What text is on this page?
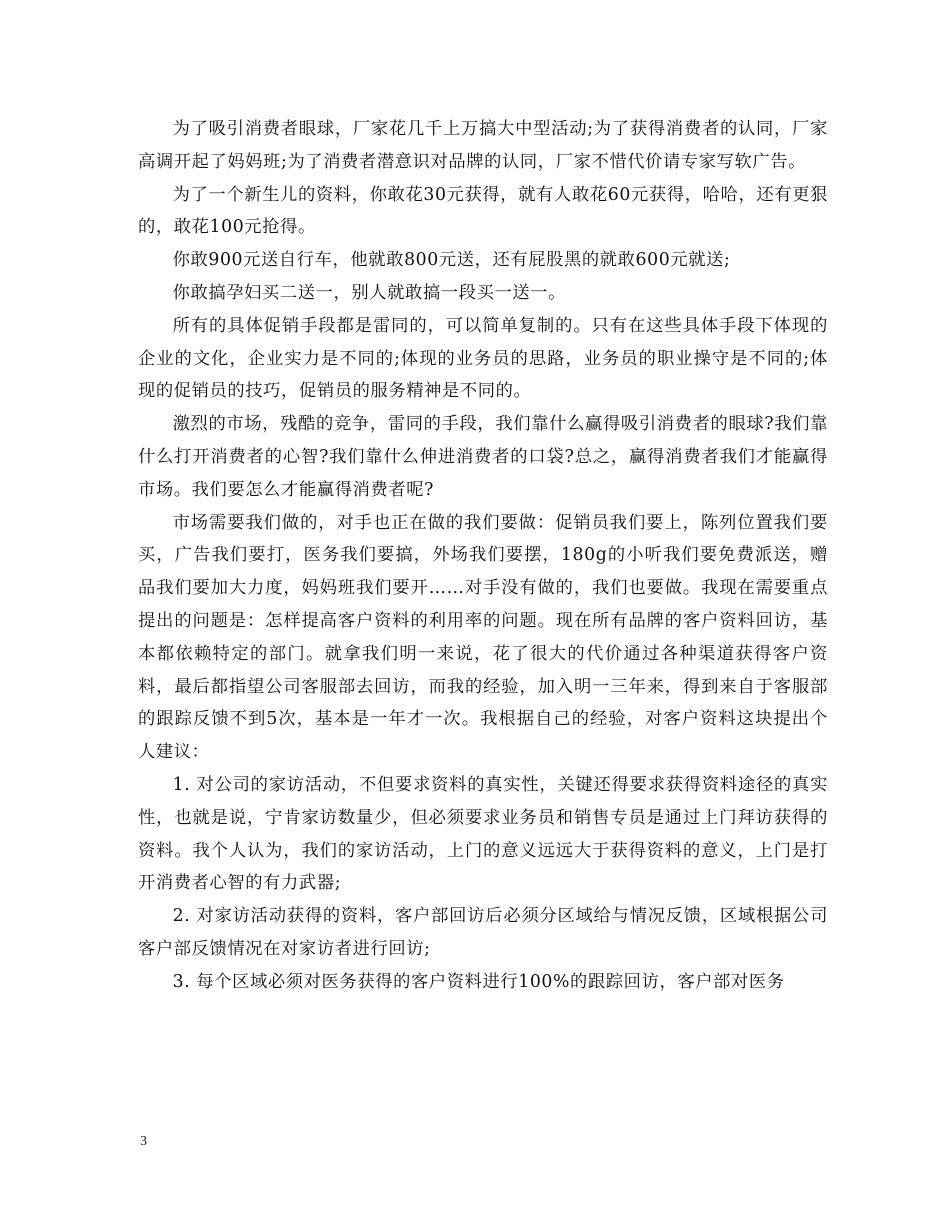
为了吸引消费者眼球，厂家花几千上万搞大中型活动;为了获得消费者的认同，厂家高调开起了妈妈班;为了消费者潜意识对品牌的认同，厂家不惜代价请专家写软广告。

为了一个新生儿的资料，你敢花30元获得，就有人敢花60元获得，哈哈，还有更狠的，敢花100元抢得。

你敢900元送自行车，他就敢800元送，还有屁股黑的就敢600元就送;

你敢搞孕妇买二送一，别人就敢搞一段买一送一。

所有的具体促销手段都是雷同的，可以简单复制的。只有在这些具体手段下体现的企业的文化，企业实力是不同的;体现的业务员的思路，业务员的职业操守是不同的;体现的促销员的技巧，促销员的服务精神是不同的。

激烈的市场，残酷的竞争，雷同的手段，我们靠什么赢得吸引消费者的眼球?我们靠什么打开消费者的心智?我们靠什么伸进消费者的口袋?总之，赢得消费者我们才能赢得市场。我们要怎么才能赢得消费者呢?

市场需要我们做的，对手也正在做的我们要做：促销员我们要上，陈列位置我们要买，广告我们要打，医务我们要搞，外场我们要摆，180g的小听我们要免费派送，赠品我们要加大力度，妈妈班我们要开……对手没有做的，我们也要做。我现在需要重点提出的问题是：怎样提高客户资料的利用率的问题。现在所有品牌的客户资料回访，基本都依赖特定的部门。就拿我们明一来说，花了很大的代价通过各种渠道获得客户资料，最后都指望公司客服部去回访，而我的经验，加入明一三年来，得到来自于客服部的跟踪反馈不到5次，基本是一年才一次。我根据自己的经验，对客户资料这块提出个人建议：

1. 对公司的家访活动，不但要求资料的真实性，关键还得要求获得资料途径的真实性，也就是说，宁肯家访数量少，但必须要求业务员和销售专员是通过上门拜访获得的资料。我个人认为，我们的家访活动，上门的意义远远大于获得资料的意义，上门是打开消费者心智的有力武器;

2. 对家访活动获得的资料，客户部回访后必须分区域给与情况反馈，区域根据公司客户部反馈情况在对家访者进行回访;

3. 每个区域必须对医务获得的客户资料进行100%的跟踪回访，客户部对医务

3
